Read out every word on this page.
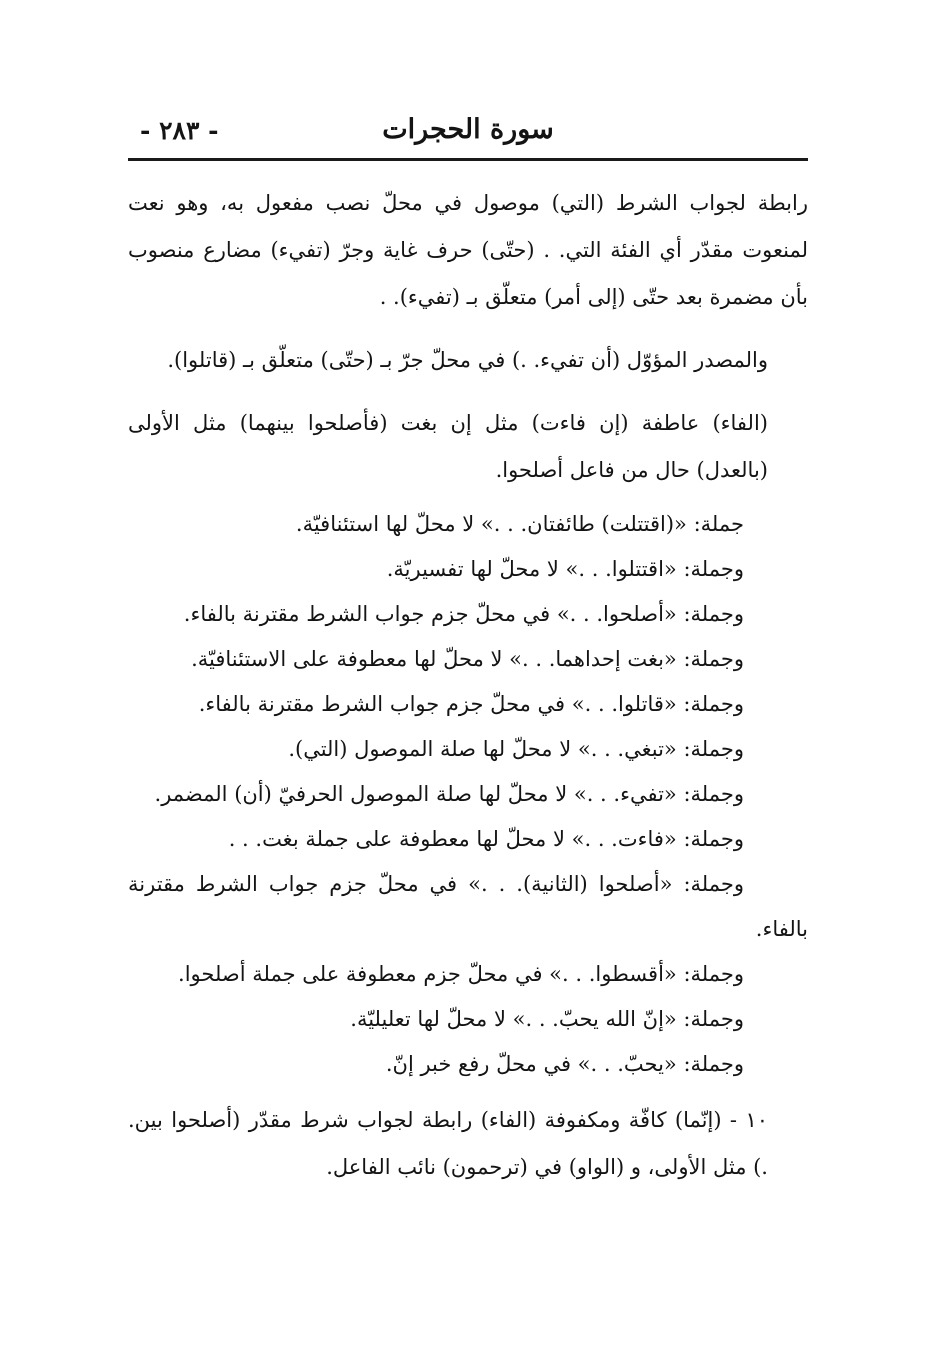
سورة الحجرات
- ٢٨٣ -

رابطة لجواب الشرط (التي) موصول في محلّ نصب مفعول به، وهو نعت لمنعوت مقدّر أي الفئة التي. . (حتّى) حرف غاية وجرّ (تفيء) مضارع منصوب بأن مضمرة بعد حتّى (إلى أمر) متعلّق بـ (تفيء). .

والمصدر المؤوّل (أن تفيء. .) في محلّ جرّ بـ (حتّى) متعلّق بـ (قاتلوا).

(الفاء) عاطفة (إن فاءت) مثل إن بغت (فأصلحوا بينهما) مثل الأولى (بالعدل) حال من فاعل أصلحوا.

جملة: «(اقتتلت) طائفتان. . .» لا محلّ لها استئنافيّة.

وجملة: «اقتتلوا. . .» لا محلّ لها تفسيريّة.

وجملة: «أصلحوا. . .» في محلّ جزم جواب الشرط مقترنة بالفاء.

وجملة: «بغت إحداهما. . .» لا محلّ لها معطوفة على الاستئنافيّة.

وجملة: «قاتلوا. . .» في محلّ جزم جواب الشرط مقترنة بالفاء.

وجملة: «تبغي. . .» لا محلّ لها صلة الموصول (التي).

وجملة: «تفيء. . .» لا محلّ لها صلة الموصول الحرفيّ (أن) المضمر.

وجملة: «فاءت. . .» لا محلّ لها معطوفة على جملة بغت. . .

وجملة: «أصلحوا (الثانية). . .» في محلّ جزم جواب الشرط مقترنة

بالفاء.

وجملة: «أقسطوا. . .» في محلّ جزم معطوفة على جملة أصلحوا.

وجملة: «إنّ الله يحبّ. . .» لا محلّ لها تعليليّة.

وجملة: «يحبّ. . .» في محلّ رفع خبر إنّ.

١٠ - (إنّما) كافّة ومكفوفة (الفاء) رابطة لجواب شرط مقدّر (أصلحوا بين. .) مثل الأولى، و (الواو) في (ترحمون) نائب الفاعل.
